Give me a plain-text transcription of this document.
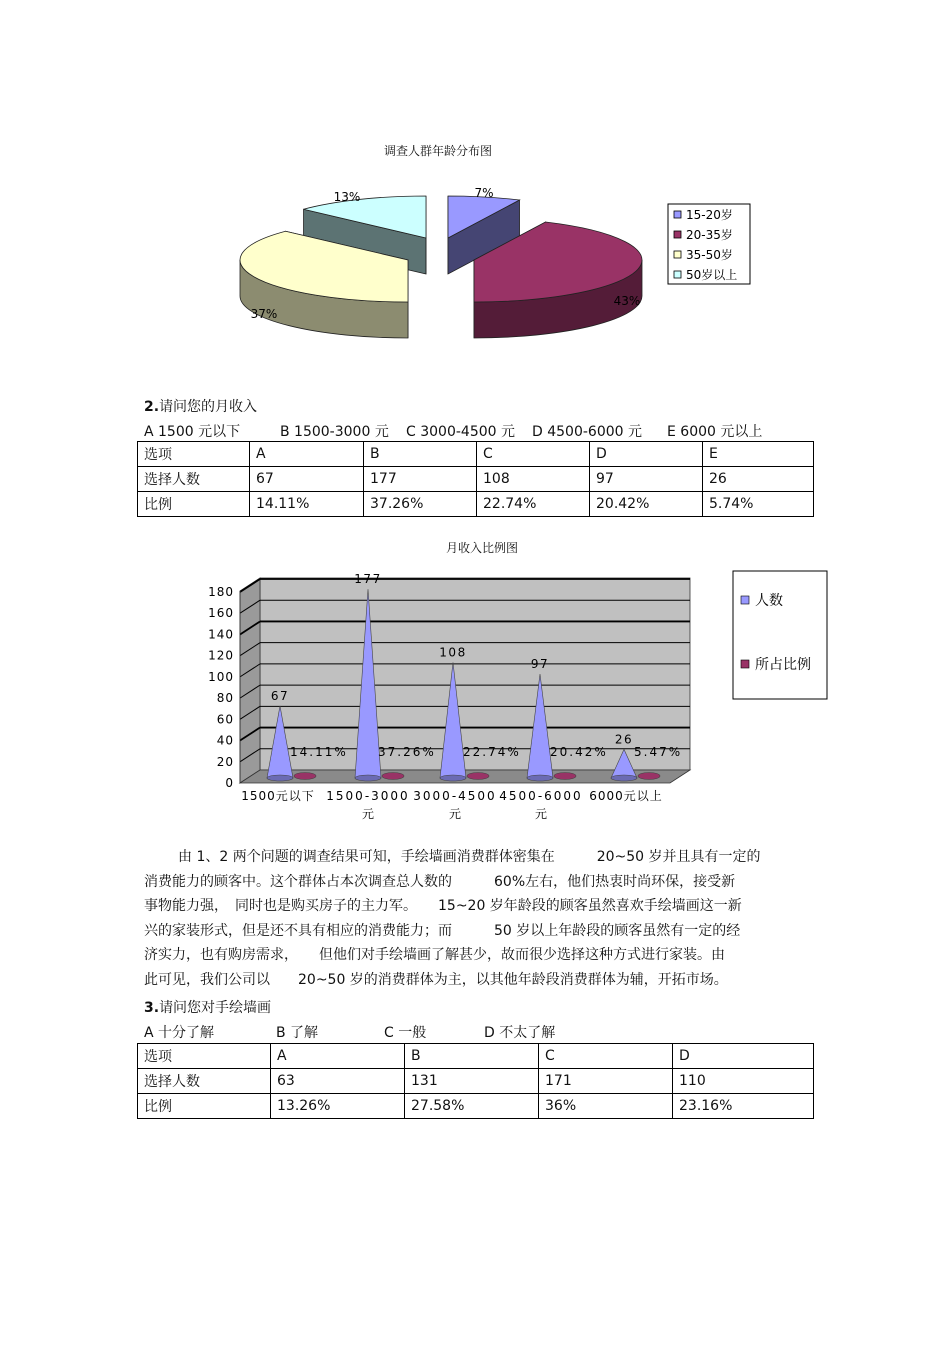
调查人群年龄分布图
7%
43%
37%
13%
15-20岁
20-35岁
35-50岁
50岁以上
2.请问您的月收入
A 1500 元以下	B 1500-3000 元 C 3000-4500 元 D 4500-6000 元 E 6000 元以上
选项	A	B	C	D	E
选择人数	67	177	108	97	26
比例	14.11%	37.26%	22.74%	20.42%	5.74%
月收入比例图
0
20
40
60
80
100
120
140
160
180
67
14.11%
177
37.26%
108
22.74%
97
20.42%
26
5.47%
1500元以下 1500-3000
元
3000-4500
元
4500-6000
元
6000元以上
人数
所占比例
由 1、2 两个问题的调查结果可知，手绘墙画消费群体密集在　　　20~50 岁并且具有一定的
消费能力的顾客中。这个群体占本次调查总人数的　　　60%左右，他们热衷时尚环保，接受新
事物能力强，　同时也是购买房子的主力军。　　15~20 岁年龄段的顾客虽然喜欢手绘墙画这一新
兴的家装形式，但是还不具有相应的消费能力；而　　　50 岁以上年龄段的顾客虽然有一定的经
济实力，也有购房需求，　　但他们对手绘墙画了解甚少，故而很少选择这种方式进行家装。由
此可见，我们公司以　　20~50 岁的消费群体为主，以其他年龄段消费群体为辅，开拓市场。
3.请问您对手绘墙画
A 十分了解	B 了解	C 一般	D 不太了解
选项	A	B	C	D
选择人数	63	131	171	110
比例	13.26%	27.58%	36%	23.16%
